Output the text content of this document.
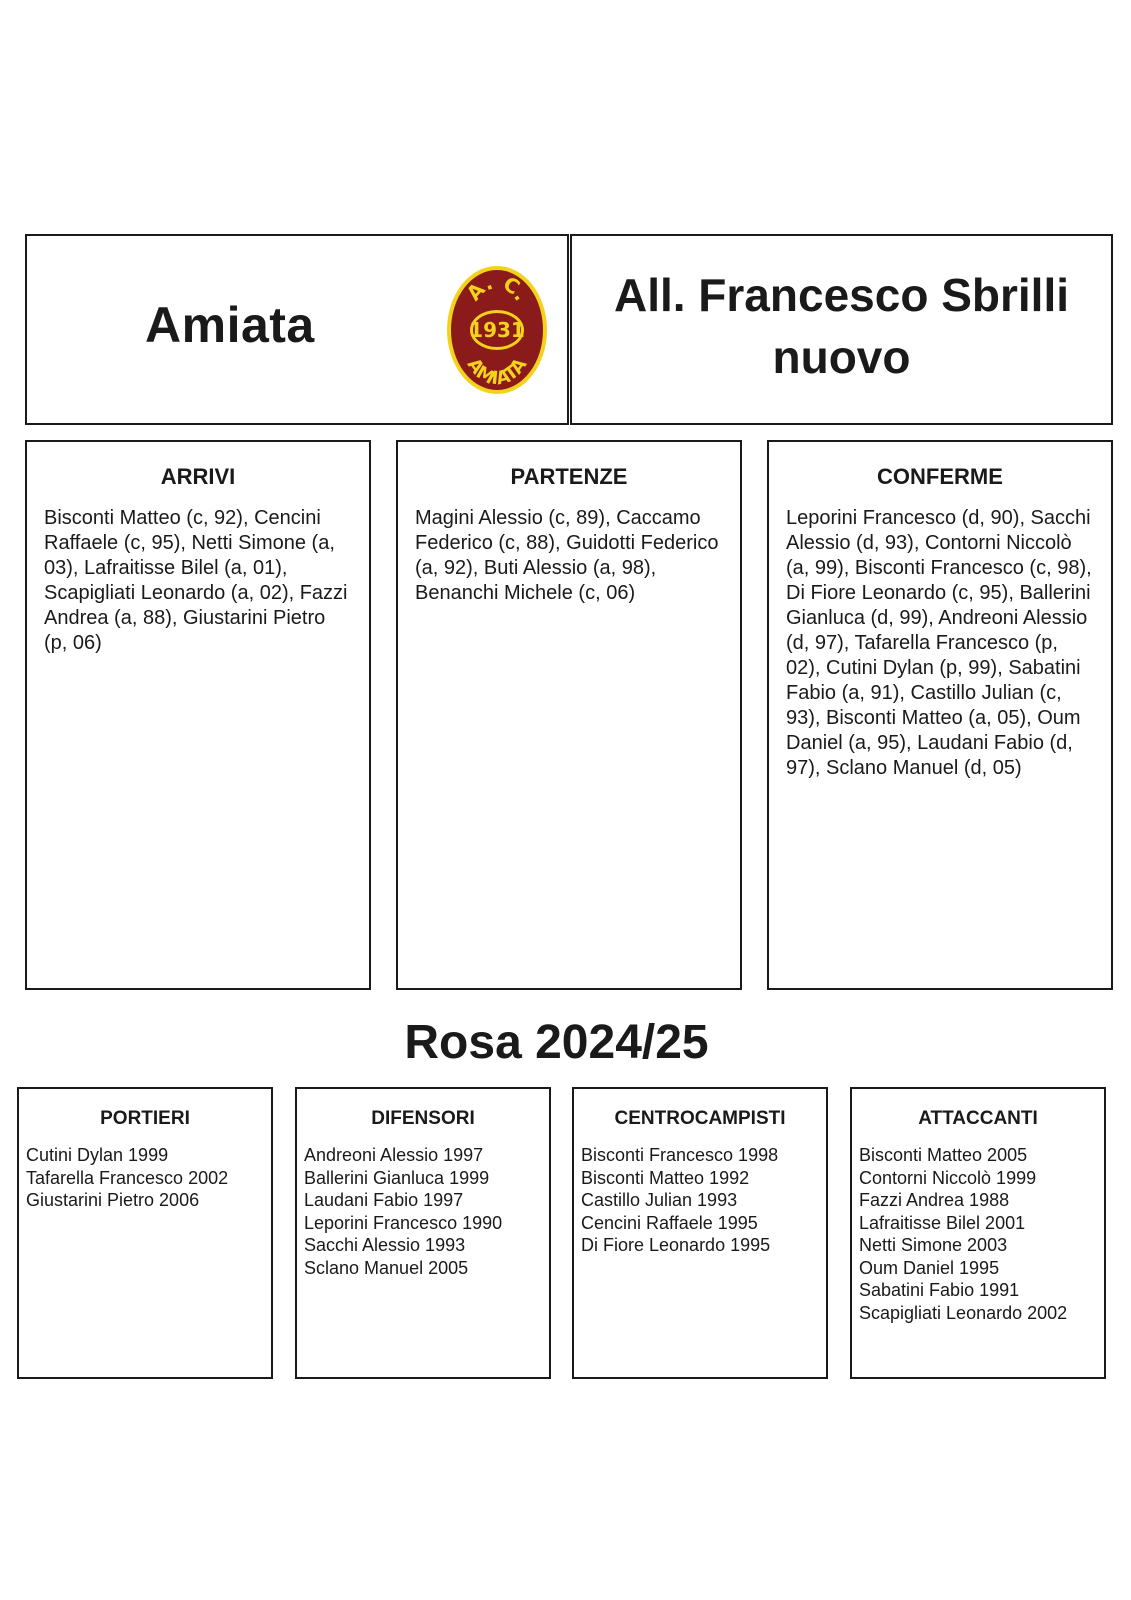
Amiata
A. C.
1931
AMIATA
All. Francesco Sbrilli
nuovo
ARRIVI
Bisconti Matteo (c, 92), Cencini Raffaele (c, 95), Netti Simone (a, 03), Lafraitisse Bilel (a, 01), Scapigliati Leonardo (a, 02), Fazzi Andrea (a, 88), Giustarini Pietro (p, 06)
PARTENZE
Magini Alessio (c, 89), Caccamo Federico (c, 88), Guidotti Federico (a, 92), Buti Alessio (a, 98), Benanchi Michele (c, 06)
CONFERME
Leporini Francesco (d, 90), Sacchi Alessio (d, 93), Contorni Niccolò (a, 99), Bisconti Francesco (c, 98), Di Fiore Leonardo (c, 95), Ballerini Gianluca (d, 99), Andreoni Alessio (d, 97), Tafarella Francesco (p, 02), Cutini Dylan (p, 99), Sabatini Fabio (a, 91), Castillo Julian (c, 93), Bisconti Matteo (a, 05), Oum Daniel (a, 95), Laudani Fabio (d, 97), Sclano Manuel (d, 05)
Rosa 2024/25
PORTIERI
Cutini Dylan 1999
Tafarella Francesco 2002
Giustarini Pietro 2006
DIFENSORI
Andreoni Alessio 1997
Ballerini Gianluca 1999
Laudani Fabio 1997
Leporini Francesco 1990
Sacchi Alessio 1993
Sclano Manuel 2005
CENTROCAMPISTI
Bisconti Francesco 1998
Bisconti Matteo 1992
Castillo Julian 1993
Cencini Raffaele 1995
Di Fiore Leonardo 1995
ATTACCANTI
Bisconti Matteo 2005
Contorni Niccolò 1999
Fazzi Andrea 1988
Lafraitisse Bilel 2001
Netti Simone 2003
Oum Daniel 1995
Sabatini Fabio 1991
Scapigliati Leonardo 2002
